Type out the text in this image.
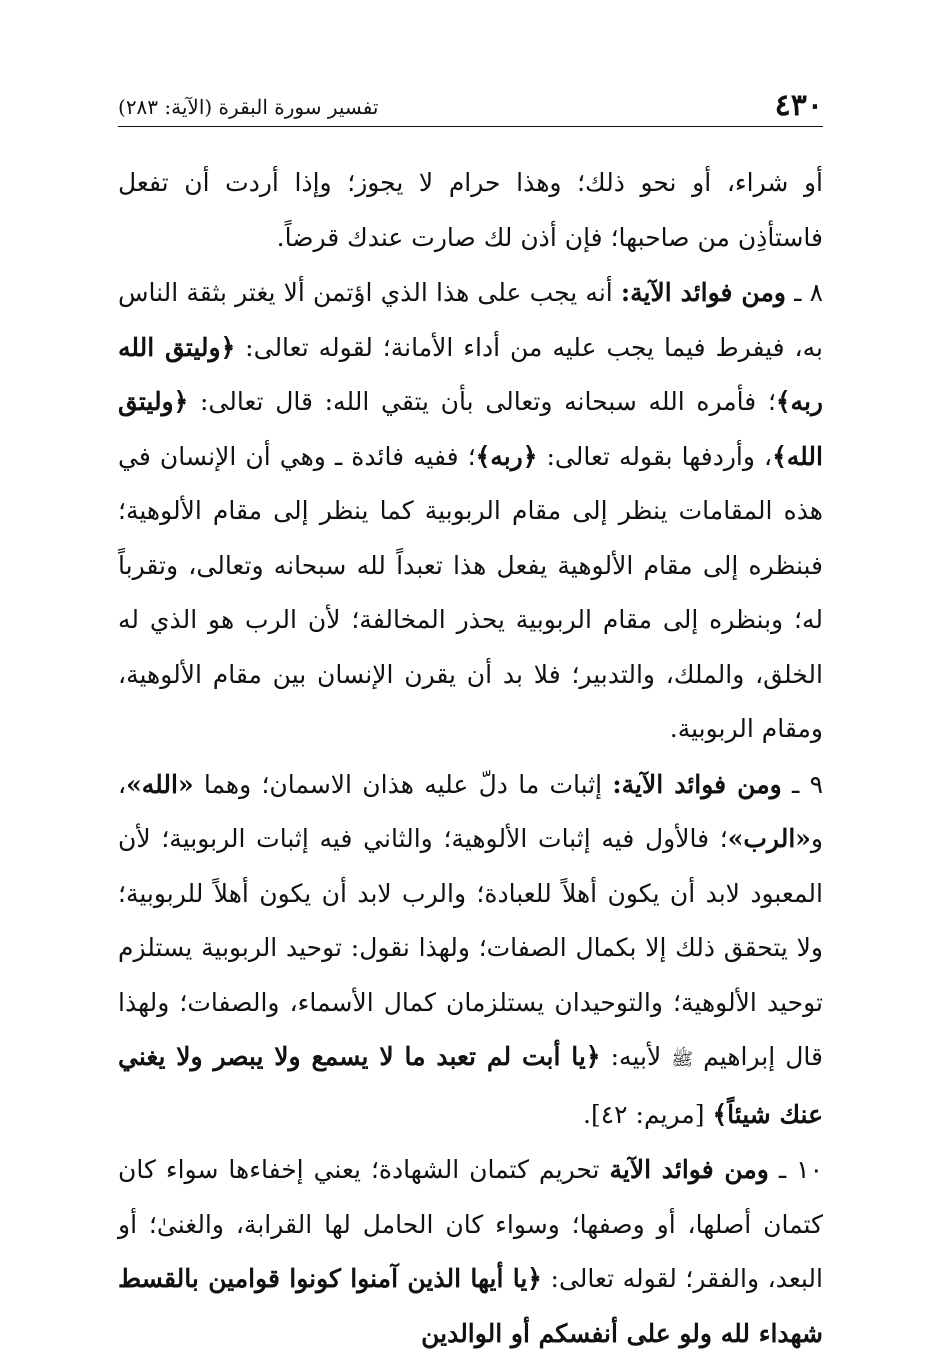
٤٣٠
تفسير سورة البقرة (الآية: ٢٨٣)

أو شراء، أو نحو ذلك؛ وهذا حرام لا يجوز؛ وإذا أردت أن تفعل فاستأذِن من صاحبها؛ فإن أذن لك صارت عندك قرضاً.

٨ ـ ومن فوائد الآية: أنه يجب على هذا الذي اؤتمن ألا يغتر بثقة الناس به، فيفرط فيما يجب عليه من أداء الأمانة؛ لقوله تعالى: ﴿وليتق الله ربه﴾؛ فأمره الله سبحانه وتعالى بأن يتقي الله: قال تعالى: ﴿وليتق الله﴾، وأردفها بقوله تعالى: ﴿ربه﴾؛ ففيه فائدة ـ وهي أن الإنسان في هذه المقامات ينظر إلى مقام الربوبية كما ينظر إلى مقام الألوهية؛ فبنظره إلى مقام الألوهية يفعل هذا تعبداً لله سبحانه وتعالى، وتقرباً له؛ وبنظره إلى مقام الربوبية يحذر المخالفة؛ لأن الرب هو الذي له الخلق، والملك، والتدبير؛ فلا بد أن يقرن الإنسان بين مقام الألوهية، ومقام الربوبية.

٩ ـ ومن فوائد الآية: إثبات ما دلّ عليه هذان الاسمان؛ وهما «الله»، و«الرب»؛ فالأول فيه إثبات الألوهية؛ والثاني فيه إثبات الربوبية؛ لأن المعبود لابد أن يكون أهلاً للعبادة؛ والرب لابد أن يكون أهلاً للربوبية؛ ولا يتحقق ذلك إلا بكمال الصفات؛ ولهذا نقول: توحيد الربوبية يستلزم توحيد الألوهية؛ والتوحيدان يستلزمان كمال الأسماء، والصفات؛ ولهذا قال إبراهيم ﷺ لأبيه: ﴿يا أبت لم تعبد ما لا يسمع ولا يبصر ولا يغني عنك شيئاً﴾ [مريم: ٤٢].

١٠ ـ ومن فوائد الآية تحريم كتمان الشهادة؛ يعني إخفاءها سواء كان كتمان أصلها، أو وصفها؛ وسواء كان الحامل لها القرابة، والغنىٰ؛ أو البعد، والفقر؛ لقوله تعالى: ﴿يا أيها الذين آمنوا كونوا قوامين بالقسط شهداء لله ولو على أنفسكم أو الوالدين
